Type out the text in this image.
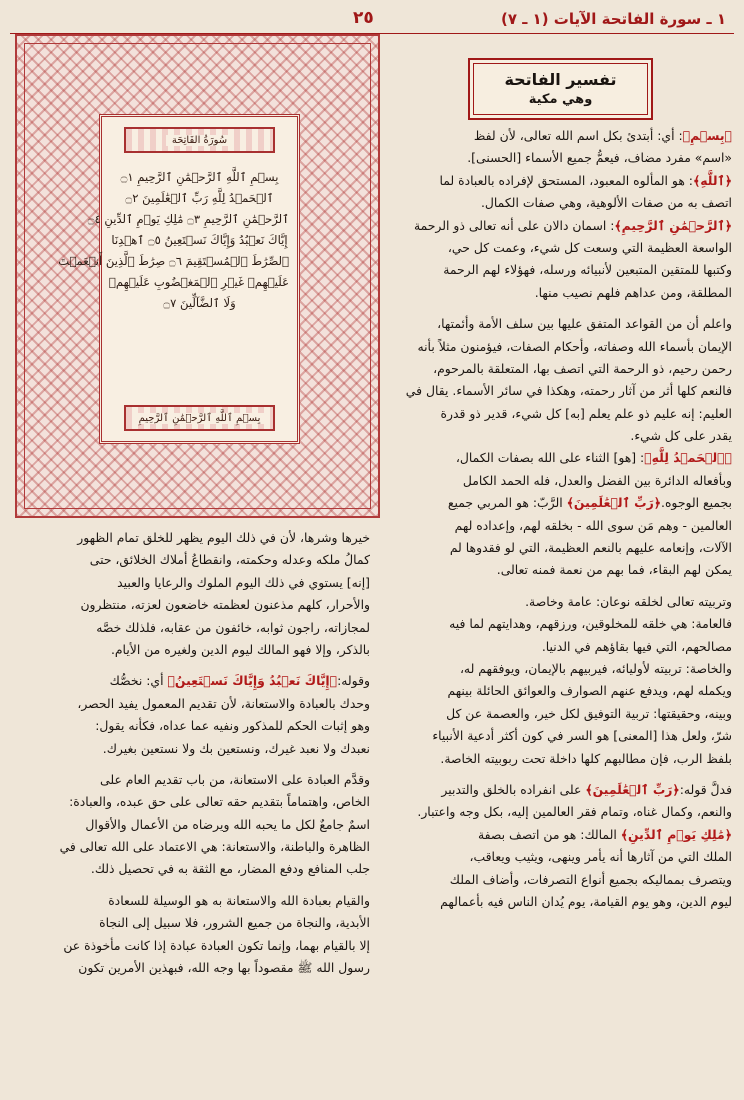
١ ـ سورة الفاتحة الآيات (١ ـ ٧)
٢٥
سُورَةُ الفَاتِحَة
بِسۡمِ ٱللَّهِ ٱلرَّحۡمَٰنِ ٱلرَّحِيمِ ۝١
ٱلۡحَمۡدُ لِلَّهِ رَبِّ ٱلۡعَٰلَمِينَ ۝٢
ٱلرَّحۡمَٰنِ ٱلرَّحِيمِ ۝٣ مَٰلِكِ يَوۡمِ ٱلدِّينِ ۝٤
إِيَّاكَ نَعۡبُدُ وَإِيَّاكَ نَسۡتَعِينُ ۝٥ ٱهۡدِنَا
ٱلصِّرَٰطَ ٱلۡمُسۡتَقِيمَ ۝٦ صِرَٰطَ ٱلَّذِينَ أَنۡعَمۡتَ
عَلَيۡهِمۡ غَيۡرِ ٱلۡمَغۡضُوبِ عَلَيۡهِمۡ
وَلَا ٱلضَّآلِّينَ ۝٧
بِسۡمِ ٱللَّهِ ٱلرَّحۡمَٰنِ ٱلرَّحِيمِ
تفسير الفاتحة
وهي مكية
﴿بِسۡمِ﴾: أي: أبتدئ بكل اسم الله تعالى، لأن لفظ
«اسم» مفرد مضاف، فيعمُّ جميع الأسماء [الحسنى].
﴿ٱللَّهِ﴾: هو المألوه المعبود، المستحق لإفراده بالعبادة لما
اتصف به من صفات الألوهية، وهي صفات الكمال.
﴿ٱلرَّحۡمَٰنِ ٱلرَّحِيمِ﴾: اسمان دالان على أنه تعالى ذو الرحمة
الواسعة العظيمة التي وسعت كل شيء، وعمت كل حي،
وكتبها للمتقين المتبعين لأنبيائه ورسله، فهؤلاء لهم الرحمة
المطلقة، ومن عداهم فلهم نصيب منها.
واعلم أن من القواعد المتفق عليها بين سلف الأمة وأئمتها،
الإيمان بأسماء الله وصفاته، وأحكام الصفات، فيؤمنون مثلاً بأنه
رحمن رحيم، ذو الرحمة التي اتصف بها، المتعلقة بالمرحوم،
فالنعم كلها أثر من آثار رحمته، وهكذا في سائر الأسماء. يقال في
العليم: إنه عليم ذو علم يعلم [به] كل شيء، قدير ذو قدرة
يقدر على كل شيء.
﴿ٱلۡحَمۡدُ لِلَّهِ﴾: [هو] الثناء على الله بصفات الكمال،
وبأفعاله الدائرة بين الفضل والعدل، فله الحمد الكامل
بجميع الوجوه.﴿رَبِّ ٱلۡعَٰلَمِينَ﴾ الرَّبّ: هو المربي جميع
العالمين - وهم مَن سوى الله - بخلقه لهم، وإعداده لهم
الآلات، وإنعامه عليهم بالنعم العظيمة، التي لو فقدوها لم
يمكن لهم البقاء، فما بهم من نعمة فمنه تعالى.
وتربيته تعالى لخلقه نوعان: عامة وخاصة.
فالعامة: هي خلقه للمخلوقين، ورزقهم، وهدايتهم لما فيه
مصالحهم، التي فيها بقاؤهم في الدنيا.
والخاصة: تربيته لأوليائه، فيربيهم بالإيمان، ويوفقهم له،
ويكمله لهم، ويدفع عنهم الصوارف والعوائق الحائلة بينهم
وبينه، وحقيقتها: تربية التوفيق لكل خير، والعصمة عن كل
شرّ، ولعل هذا [المعنى] هو السر في كون أكثر أدعية الأنبياء
بلفظ الرب، فإن مطالبهم كلها داخلة تحت ربوبيته الخاصة.
فدلَّ قوله:﴿رَبِّ ٱلۡعَٰلَمِينَ﴾ على انفراده بالخلق والتدبير
والنعم، وكمال غناه، وتمام فقر العالمين إليه، بكل وجه واعتبار.
﴿مَٰلِكِ يَوۡمِ ٱلدِّينِ﴾ المالك: هو من اتصف بصفة
الملك التي من آثارها أنه يأمر وينهى، ويثيب ويعاقب،
ويتصرف بمماليكه بجميع أنواع التصرفات، وأضاف الملك
ليوم الدين، وهو يوم القيامة، يوم يُدان الناس فيه بأعمالهم
خيرها وشرها، لأن في ذلك اليوم يظهر للخلق تمام الظهور
كمالُ ملكه وعدله وحكمته، وانقطاعُ أملاك الخلائق، حتى
[إنه] يستوي في ذلك اليوم الملوك والرعايا والعبيد
والأحرار، كلهم مذعنون لعظمته خاضعون لعزته، منتظرون
لمجازاته، راجون ثوابه، خائفون من عقابه، فلذلك خصَّه
بالذكر، وإلا فهو المالك ليوم الدين ولغيره من الأيام.
وقوله:﴿إِيَّاكَ نَعۡبُدُ وَإِيَّاكَ نَسۡتَعِينُ﴾ أي: نخصُّك
وحدك بالعبادة والاستعانة، لأن تقديم المعمول يفيد الحصر،
وهو إثبات الحكم للمذكور ونفيه عما عداه، فكأنه يقول:
نعبدك ولا نعبد غيرك، ونستعين بك ولا نستعين بغيرك.
وقدَّم العبادة على الاستعانة، من باب تقديم العام على
الخاص، واهتماماً بتقديم حقه تعالى على حق عبده، والعبادة:
اسمٌ جامعٌ لكل ما يحبه الله ويرضاه من الأعمال والأقوال
الظاهرة والباطنة، والاستعانة: هي الاعتماد على الله تعالى في
جلب المنافع ودفع المضار، مع الثقة به في تحصيل ذلك.
والقيام بعبادة الله والاستعانة به هو الوسيلة للسعادة
الأبدية، والنجاة من جميع الشرور، فلا سبيل إلى النجاة
إلا بالقيام بهما، وإنما تكون العبادة عبادة إذا كانت مأخوذة عن
رسول الله ﷺ مقصوداً بها وجه الله، فبهذين الأمرين تكون
